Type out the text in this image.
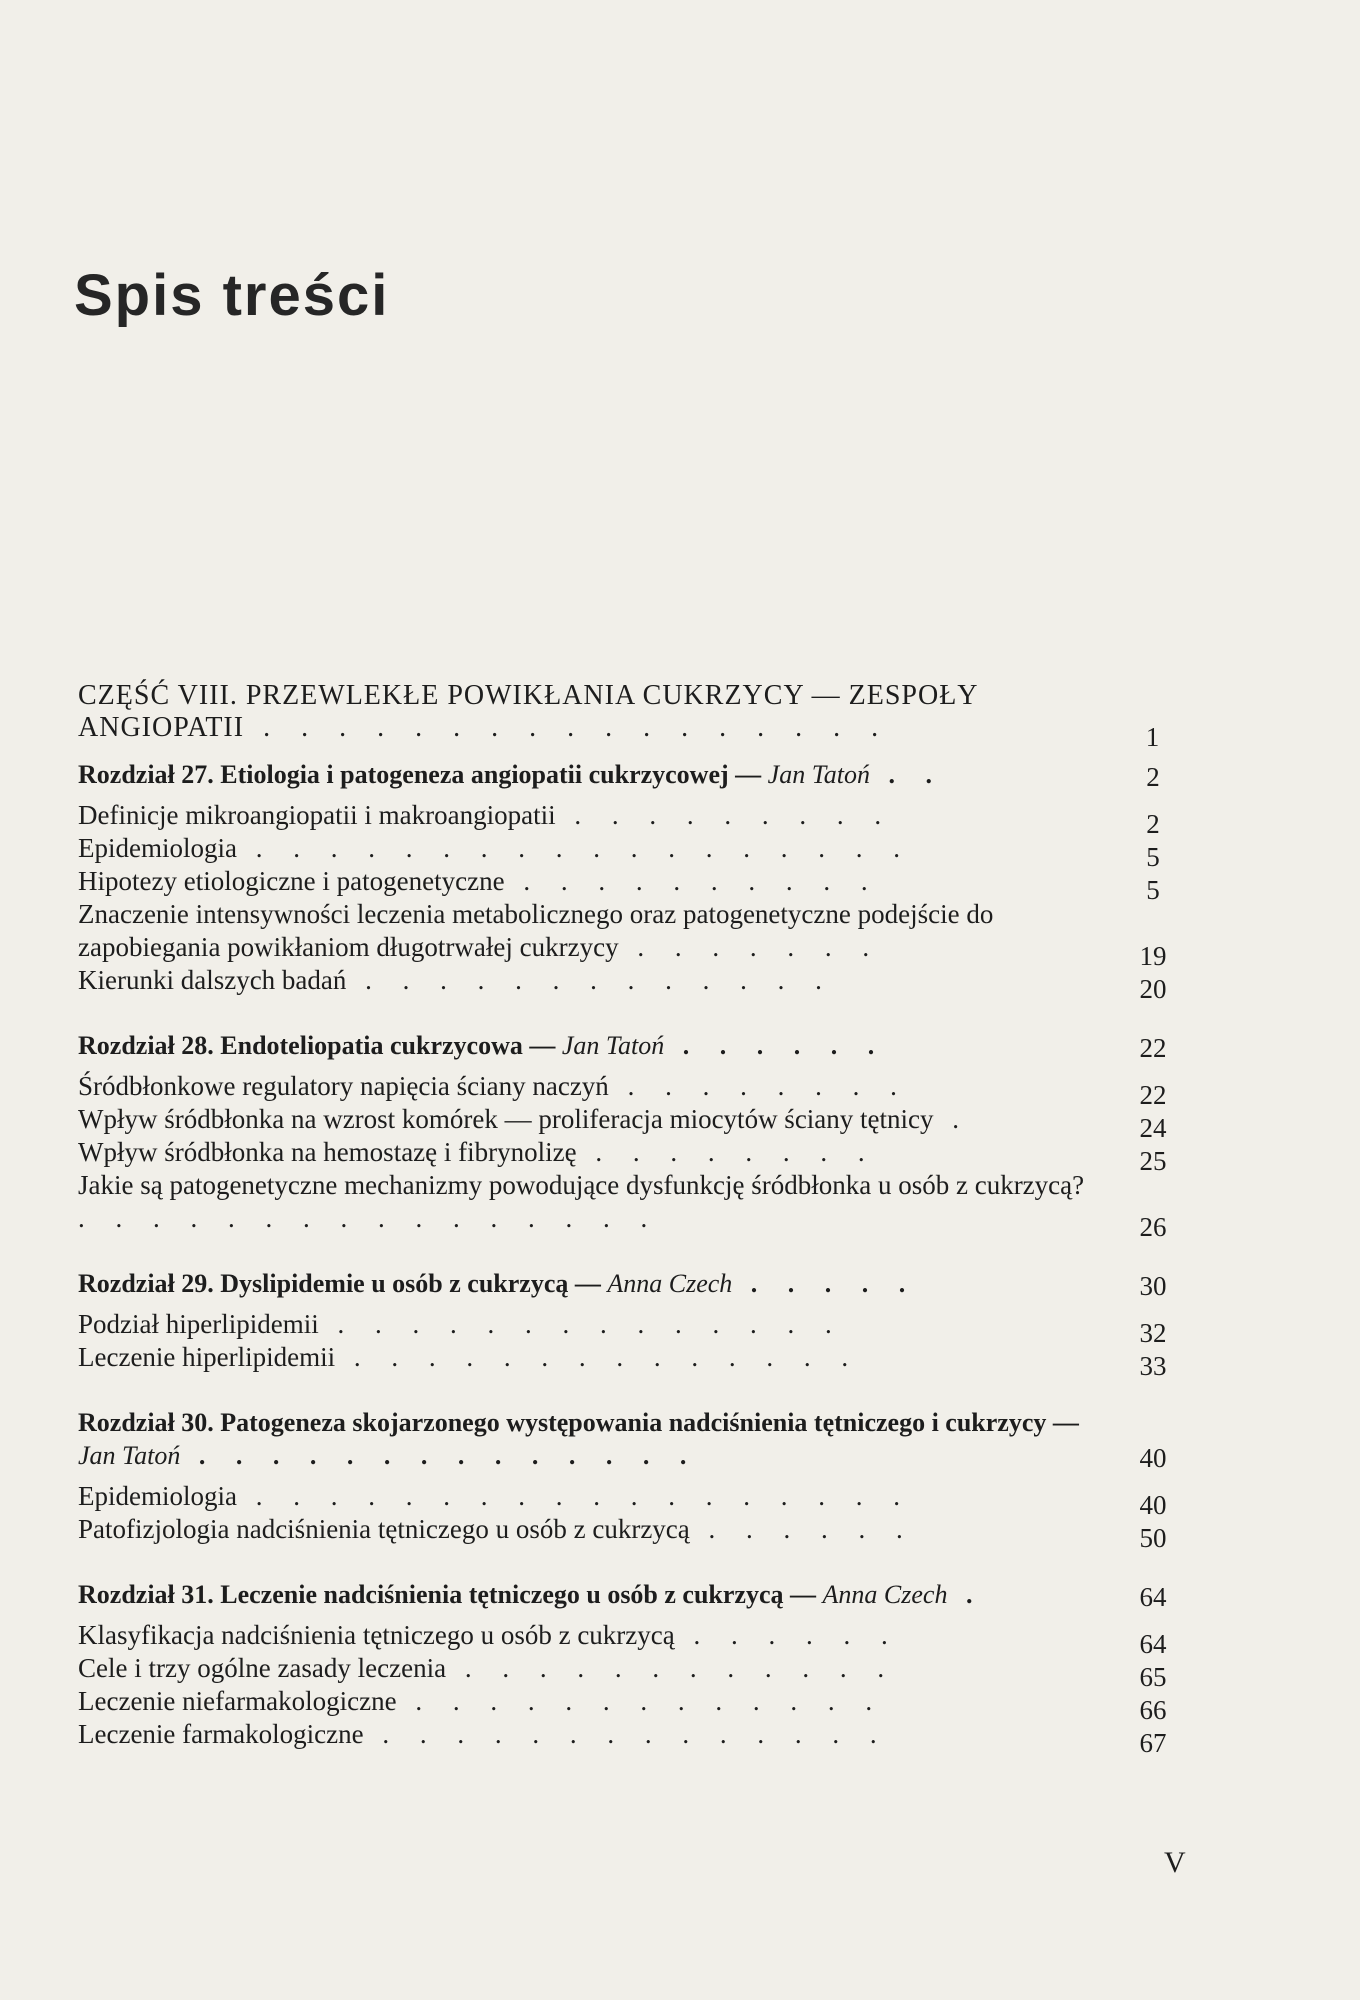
Spis treści
CZĘŚĆ VIII. PRZEWLEKŁE POWIKŁANIA CUKRZYCY — ZESPOŁY ANGIOPATII . . . . . . . . . . . . . . . . .	1
Rozdział 27. Etiologia i patogeneza angiopatii cukrzycowej — Jan Tatoń . .	2
Definicje mikroangiopatii i makroangiopatii . . . . . . . . .	2
Epidemiologia . . . . . . . . . . . . . . . . . .	5
Hipotezy etiologiczne i patogenetyczne . . . . . . . . . .	5
Znaczenie intensywności leczenia metabolicznego oraz patogenetyczne podejście do zapobiegania powikłaniom długotrwałej cukrzycy . . . . . . .	19
Kierunki dalszych badań . . . . . . . . . . . . .	20
Rozdział 28. Endoteliopatia cukrzycowa — Jan Tatoń . . . . . .	22
Śródbłonkowe regulatory napięcia ściany naczyń . . . . . . . .	22
Wpływ śródbłonka na wzrost komórek — proliferacja miocytów ściany tętnicy .	24
Wpływ śródbłonka na hemostazę i fibrynolizę . . . . . . . .	25
Jakie są patogenetyczne mechanizmy powodujące dysfunkcję śródbłonka u osób z cukrzycą? . . . . . . . . . . . . . . . .	26
Rozdział 29. Dyslipidemie u osób z cukrzycą — Anna Czech . . . . .	30
Podział hiperlipidemii . . . . . . . . . . . . . .	32
Leczenie hiperlipidemii . . . . . . . . . . . . . .	33
Rozdział 30. Patogeneza skojarzonego występowania nadciśnienia tętniczego i cukrzycy — Jan Tatoń . . . . . . . . . . . . . .	40
Epidemiologia . . . . . . . . . . . . . . . . . .	40
Patofizjologia nadciśnienia tętniczego u osób z cukrzycą . . . . . .	50
Rozdział 31. Leczenie nadciśnienia tętniczego u osób z cukrzycą — Anna Czech .	64
Klasyfikacja nadciśnienia tętniczego u osób z cukrzycą . . . . . .	64
Cele i trzy ogólne zasady leczenia . . . . . . . . . . . .	65
Leczenie niefarmakologiczne . . . . . . . . . . . . .	66
Leczenie farmakologiczne . . . . . . . . . . . . . .	67
V
